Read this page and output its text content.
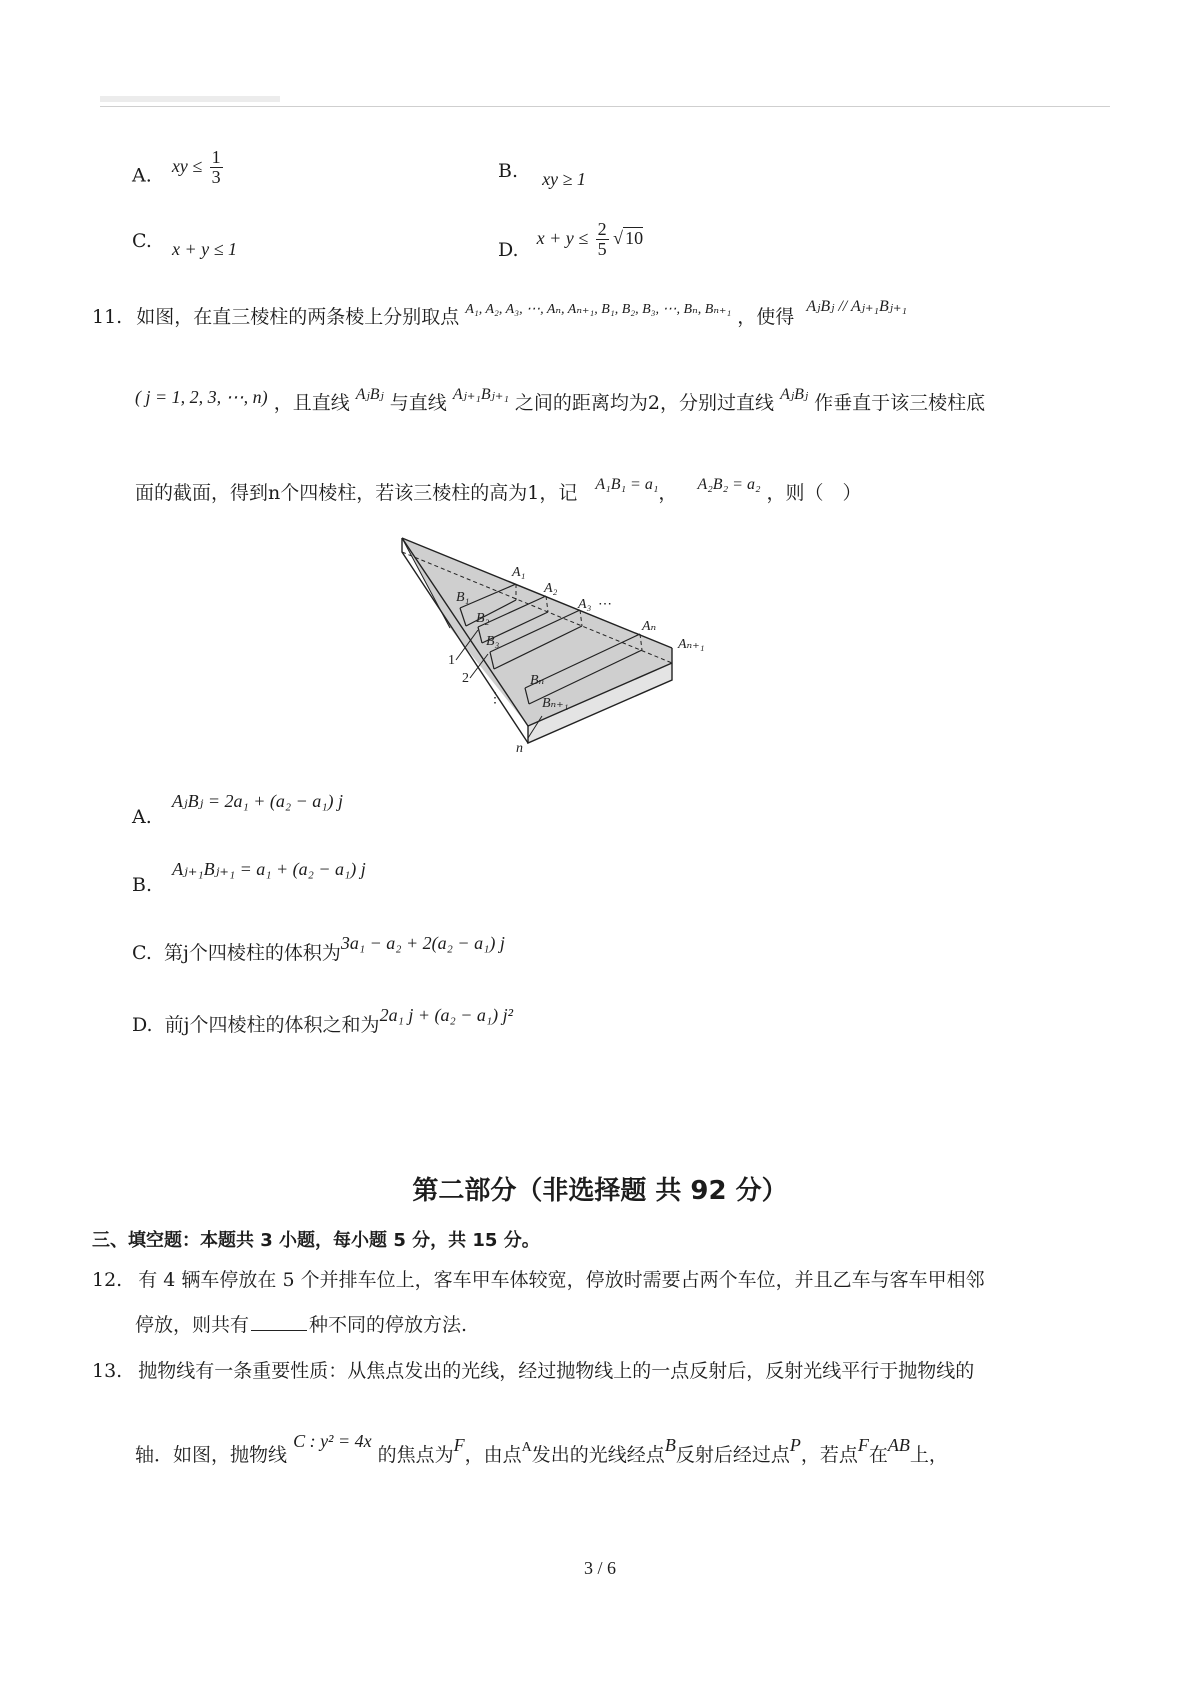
A. xy ≤ $\frac{1}{3}$	B. xy ≥ 1
C. x + y ≤ 1	D. $x + y \le \frac{2}{5}$ √ 10
11. 如图，在直三棱柱的两条棱上分别取点 $^{A_1, A_2, A_3, \cdots, A_n, A_{n+1}, B_1, B_2, B_3, \cdots, B_n, B_{n+1}}$ ，使得 $^{AⱼBⱼ // Aⱼ_{+1}Bⱼ_{+1}}$
( j = 1, 2, 3, ⋯, n) ，且直线 $^{AⱼBⱼ}$ 与直线 $^{Aⱼ_{+1}Bⱼ_{+1}}$ 之间的距离均为2，分别过直线 $^{AⱼBⱼ}$ 作垂直于该三棱柱底
面的截面，得到n个四棱柱，若该三棱柱的高为1，记 $^{A_1B_1 = a_1}$， $^{A_2B_2 = a_2}$ ，则（　）
A₁
A₂
A₃ ⋯
Aₙ
Aₙ₊₁
B₁
B₂
B₃
Bₙ
Bₙ₊₁
1
2
⋮
n
A. AⱼBⱼ = 2a₁ + (a₂ − a₁) j
B. Aⱼ₊₁Bⱼ₊₁ = a₁ + (a₂ − a₁) j
C. 第j个四棱柱的体积为3a₁ − a₂ + 2(a₂ − a₁) j
D. 前j个四棱柱的体积之和为2a₁ j + (a₂ − a₁) j²
第二部分（非选择题 共 92 分）
三、填空题：本题共 3 小题，每小题 5 分，共 15 分。
12. 有 4 辆车停放在 5 个并排车位上，客车甲车体较宽，停放时需要占两个车位，并且乙车与客车甲相邻
停放，则共有	种不同的停放方法.
13. 抛物线有一条重要性质：从焦点发出的光线，经过抛物线上的一点反射后，反射光线平行于抛物线的
轴．如图，抛物线 C : y² = 4x 的焦点为F，由点$^A$发出的光线经点B反射后经过点P，若点F在AB上，
3 / 6
